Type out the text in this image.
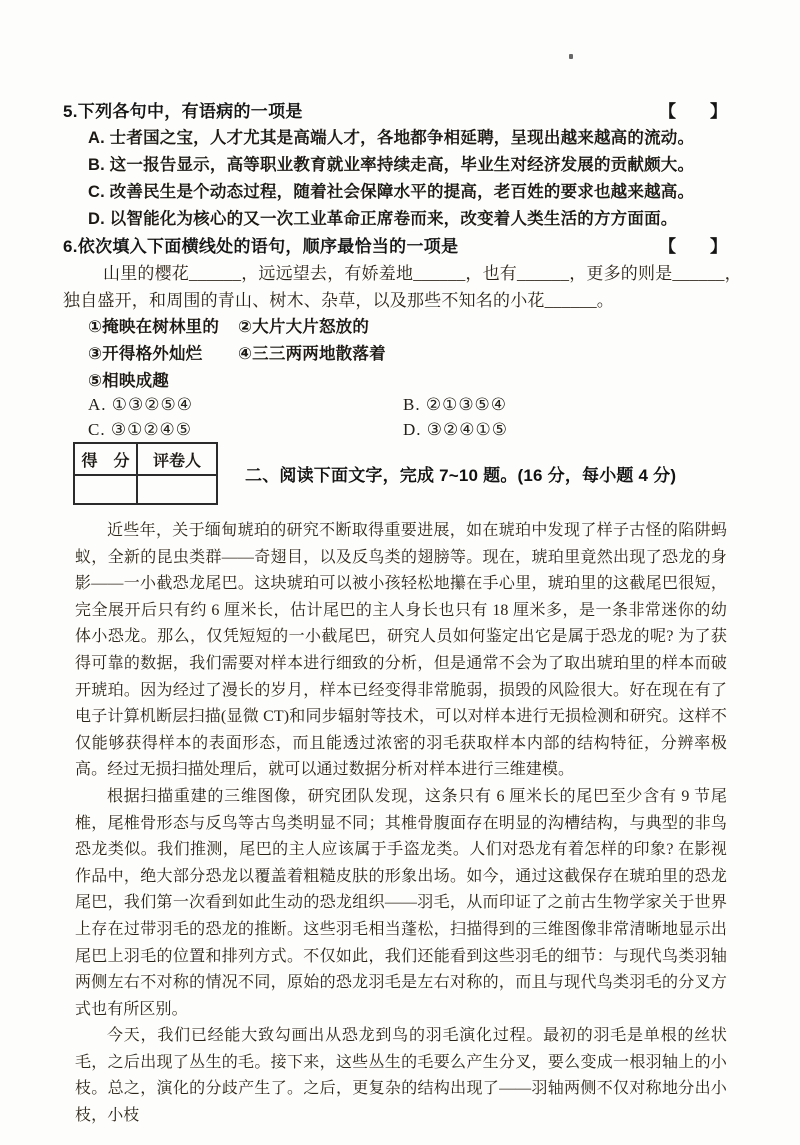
5.下列各句中，有语病的一项是	【　　】
A. 士者国之宝，人才尤其是高端人才，各地都争相延聘，呈现出越来越高的流动。
B. 这一报告显示，高等职业教育就业率持续走高，毕业生对经济发展的贡献颇大。
C. 改善民生是个动态过程，随着社会保障水平的提高，老百姓的要求也越来越高。
D. 以智能化为核心的又一次工业革命正席卷而来，改变着人类生活的方方面面。
6.依次填入下面横线处的语句，顺序最恰当的一项是	【　　】
山里的樱花______，远远望去，有娇羞地______，也有______，更多的则是______，
独自盛开，和周围的青山、树木、杂草，以及那些不知名的小花______。
①掩映在树林里的	②大片大片怒放的
③开得格外灿烂	④三三两两地散落着
⑤相映成趣
A. ①③②⑤④	B. ②①③⑤④
C. ③①②④⑤	D. ③②④①⑤
得　分	评卷人

二、阅读下面文字，完成 7~10 题。(16 分，每小题 4 分)

近些年，关于缅甸琥珀的研究不断取得重要进展，如在琥珀中发现了样子古怪的陷阱蚂蚁，全新的昆虫类群——奇翅目，以及反鸟类的翅膀等。现在，琥珀里竟然出现了恐龙的身影——一小截恐龙尾巴。这块琥珀可以被小孩轻松地攥在手心里，琥珀里的这截尾巴很短，完全展开后只有约 6 厘米长，估计尾巴的主人身长也只有 18 厘米多，是一条非常迷你的幼体小恐龙。那么，仅凭短短的一小截尾巴，研究人员如何鉴定出它是属于恐龙的呢? 为了获得可靠的数据，我们需要对样本进行细致的分析，但是通常不会为了取出琥珀里的样本而破开琥珀。因为经过了漫长的岁月，样本已经变得非常脆弱，损毁的风险很大。好在现在有了电子计算机断层扫描(显微 CT)和同步辐射等技术，可以对样本进行无损检测和研究。这样不仅能够获得样本的表面形态，而且能透过浓密的羽毛获取样本内部的结构特征，分辨率极高。经过无损扫描处理后，就可以通过数据分析对样本进行三维建模。

根据扫描重建的三维图像，研究团队发现，这条只有 6 厘米长的尾巴至少含有 9 节尾椎，尾椎骨形态与反鸟等古鸟类明显不同；其椎骨腹面存在明显的沟槽结构，与典型的非鸟恐龙类似。我们推测，尾巴的主人应该属于手盗龙类。人们对恐龙有着怎样的印象? 在影视作品中，绝大部分恐龙以覆盖着粗糙皮肤的形象出场。如今，通过这截保存在琥珀里的恐龙尾巴，我们第一次看到如此生动的恐龙组织——羽毛，从而印证了之前古生物学家关于世界上存在过带羽毛的恐龙的推断。这些羽毛相当蓬松，扫描得到的三维图像非常清晰地显示出尾巴上羽毛的位置和排列方式。不仅如此，我们还能看到这些羽毛的细节：与现代鸟类羽轴两侧左右不对称的情况不同，原始的恐龙羽毛是左右对称的，而且与现代鸟类羽毛的分叉方式也有所区别。

今天，我们已经能大致勾画出从恐龙到鸟的羽毛演化过程。最初的羽毛是单根的丝状毛，之后出现了丛生的毛。接下来，这些丛生的毛要么产生分叉，要么变成一根羽轴上的小枝。总之，演化的分歧产生了。之后，更复杂的结构出现了——羽轴两侧不仅对称地分出小枝，小枝
